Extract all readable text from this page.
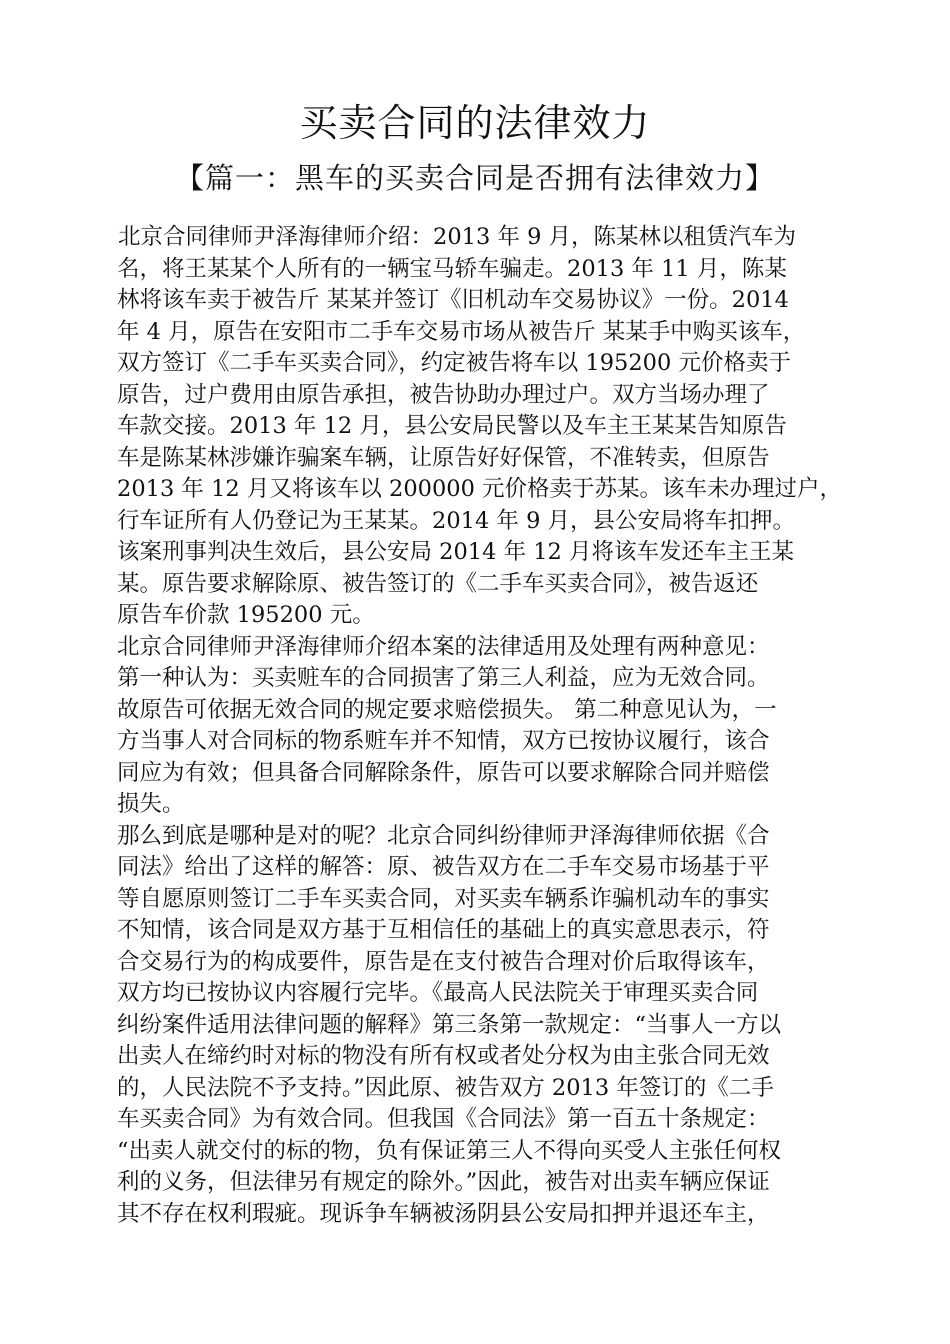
买卖合同的法律效力
【篇一：黑车的买卖合同是否拥有法律效力】
北京合同律师尹泽海律师介绍：2013 年 9 月，陈某林以租赁汽车为
名，将王某某个人所有的一辆宝马轿车骗走。2013 年 11 月，陈某
林将该车卖于被告斤 某某并签订《旧机动车交易协议》一份。2014
年 4 月，原告在安阳市二手车交易市场从被告斤 某某手中购买该车，
双方签订《二手车买卖合同》，约定被告将车以 195200 元价格卖于
原告，过户费用由原告承担，被告协助办理过户。双方当场办理了
车款交接。2013 年 12 月，县公安局民警以及车主王某某告知原告
车是陈某林涉嫌诈骗案车辆，让原告好好保管，不准转卖，但原告
2013 年 12 月又将该车以 200000 元价格卖于苏某。该车未办理过户，
行车证所有人仍登记为王某某。2014 年 9 月，县公安局将车扣押。
该案刑事判决生效后，县公安局 2014 年 12 月将该车发还车主王某
某。原告要求解除原、被告签订的《二手车买卖合同》，被告返还
原告车价款 195200 元。
北京合同律师尹泽海律师介绍本案的法律适用及处理有两种意见：
第一种认为：买卖赃车的合同损害了第三人利益，应为无效合同。
故原告可依据无效合同的规定要求赔偿损失。 第二种意见认为，一
方当事人对合同标的物系赃车并不知情，双方已按协议履行，该合
同应为有效；但具备合同解除条件，原告可以要求解除合同并赔偿
损失。
那么到底是哪种是对的呢？北京合同纠纷律师尹泽海律师依据《合
同法》给出了这样的解答：原、被告双方在二手车交易市场基于平
等自愿原则签订二手车买卖合同，对买卖车辆系诈骗机动车的事实
不知情，该合同是双方基于互相信任的基础上的真实意思表示，符
合交易行为的构成要件，原告是在支付被告合理对价后取得该车，
双方均已按协议内容履行完毕。《最高人民法院关于审理买卖合同
纠纷案件适用法律问题的解释》第三条第一款规定：“当事人一方以
出卖人在缔约时对标的物没有所有权或者处分权为由主张合同无效
的，人民法院不予支持。”因此原、被告双方 2013 年签订的《二手
车买卖合同》为有效合同。但我国《合同法》第一百五十条规定：
“出卖人就交付的标的物，负有保证第三人不得向买受人主张任何权
利的义务，但法律另有规定的除外。”因此，被告对出卖车辆应保证
其不存在权利瑕疵。现诉争车辆被汤阴县公安局扣押并退还车主，
